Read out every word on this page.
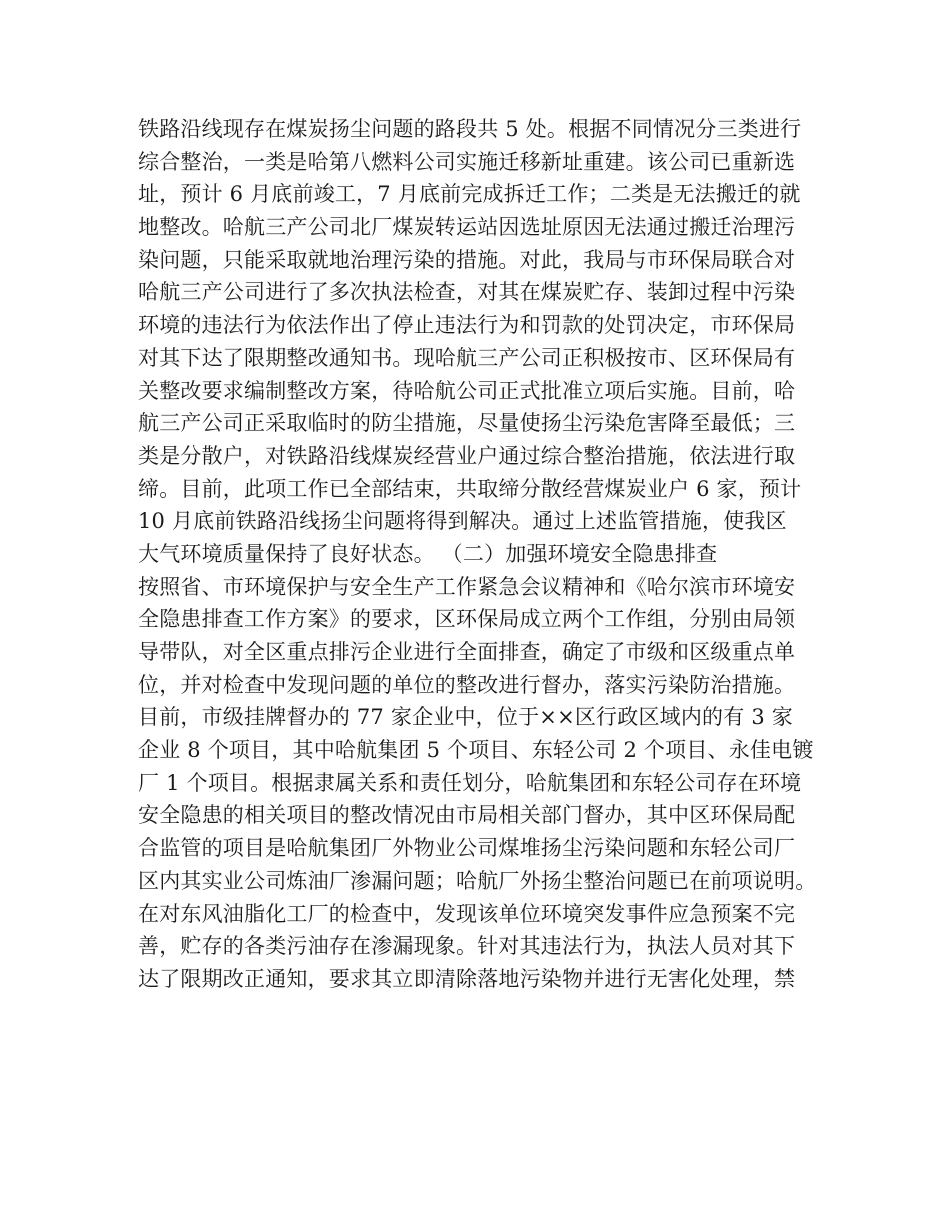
铁路沿线现存在煤炭扬尘问题的路段共 5 处。根据不同情况分三类进行
综合整治，一类是哈第八燃料公司实施迁移新址重建。该公司已重新选
址，预计 6 月底前竣工，7 月底前完成拆迁工作；二类是无法搬迁的就
地整改。哈航三产公司北厂煤炭转运站因选址原因无法通过搬迁治理污
染问题，只能采取就地治理污染的措施。对此，我局与市环保局联合对
哈航三产公司进行了多次执法检查，对其在煤炭贮存、装卸过程中污染
环境的违法行为依法作出了停止违法行为和罚款的处罚决定，市环保局
对其下达了限期整改通知书。现哈航三产公司正积极按市、区环保局有
关整改要求编制整改方案，待哈航公司正式批准立项后实施。目前，哈
航三产公司正采取临时的防尘措施，尽量使扬尘污染危害降至最低；三
类是分散户，对铁路沿线煤炭经营业户通过综合整治措施，依法进行取
缔。目前，此项工作已全部结束，共取缔分散经营煤炭业户 6 家，预计
10 月底前铁路沿线扬尘问题将得到解决。通过上述监管措施，使我区
大气环境质量保持了良好状态。 （二）加强环境安全隐患排查
按照省、市环境保护与安全生产工作紧急会议精神和《哈尔滨市环境安
全隐患排查工作方案》的要求，区环保局成立两个工作组，分别由局领
导带队，对全区重点排污企业进行全面排查，确定了市级和区级重点单
位，并对检查中发现问题的单位的整改进行督办，落实污染防治措施。
目前，市级挂牌督办的 77 家企业中，位于××区行政区域内的有 3 家
企业 8 个项目，其中哈航集团 5 个项目、东轻公司 2 个项目、永佳电镀
厂 1 个项目。根据隶属关系和责任划分，哈航集团和东轻公司存在环境
安全隐患的相关项目的整改情况由市局相关部门督办，其中区环保局配
合监管的项目是哈航集团厂外物业公司煤堆扬尘污染问题和东轻公司厂
区内其实业公司炼油厂渗漏问题；哈航厂外扬尘整治问题已在前项说明。
在对东风油脂化工厂的检查中，发现该单位环境突发事件应急预案不完
善，贮存的各类污油存在渗漏现象。针对其违法行为，执法人员对其下
达了限期改正通知，要求其立即清除落地污染物并进行无害化处理，禁
